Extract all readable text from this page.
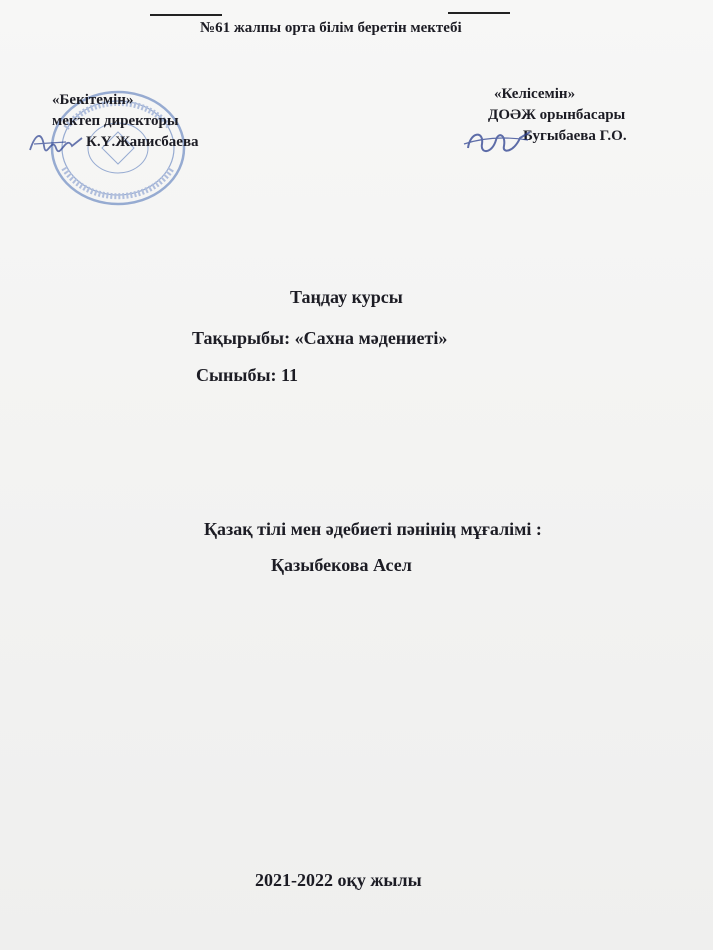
№61 жалпы орта білім беретін мектебі
«Бекітемін»
мектеп директоры
К.Ү.Жанисбаева
«Келісемін»
ДОӘЖ орынбасары
Бугыбаева Г.О.
Таңдау курсы
Тақырыбы: «Сахна мәдениеті»
Сыныбы: 11
Қазақ тілі мен әдебиеті пәнінің мұғалімі :
Қазыбекова Асел
2021-2022 оқу жылы
